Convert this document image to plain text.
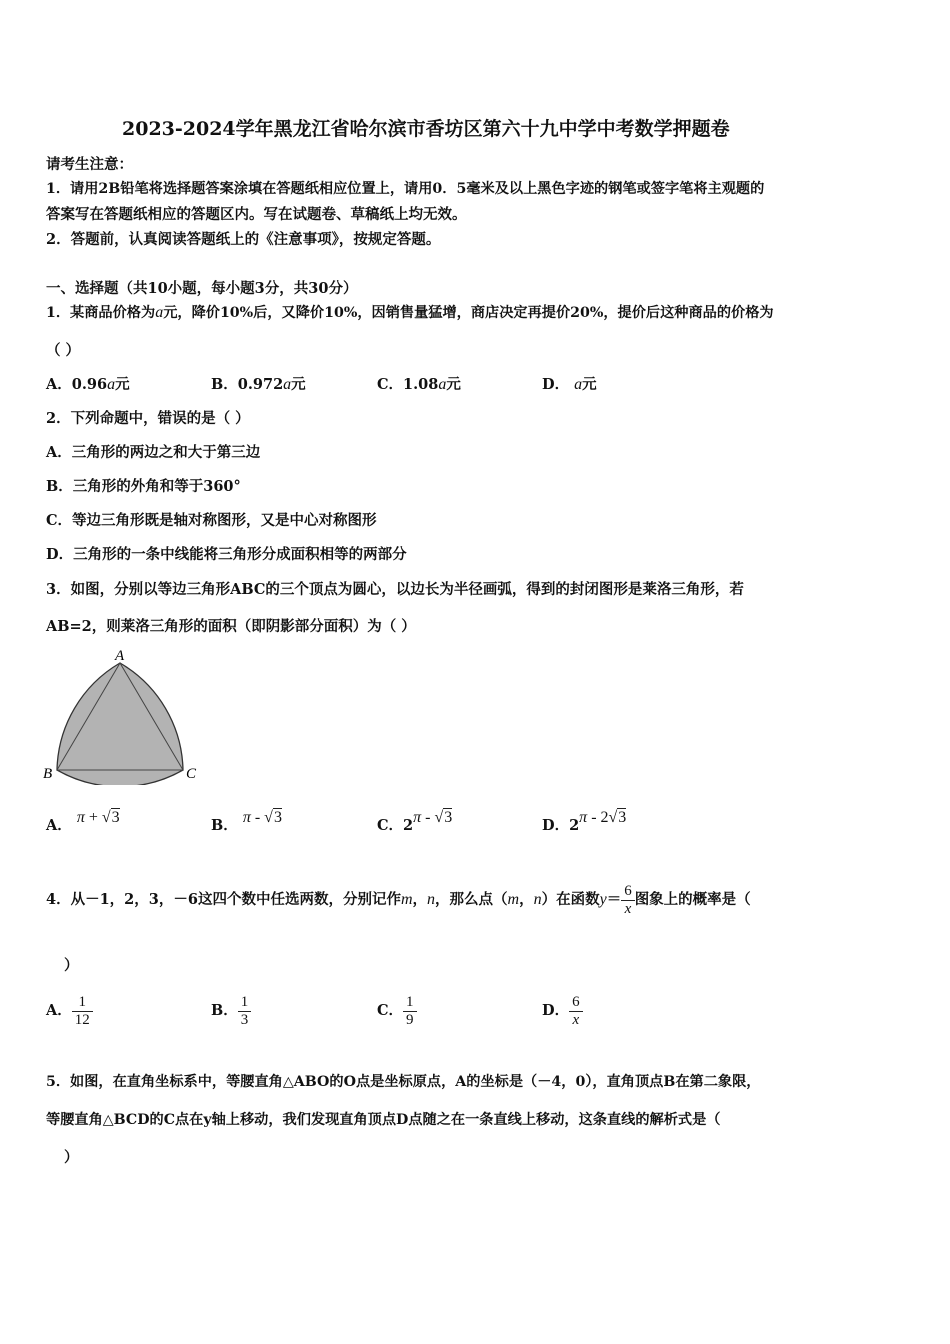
2023-2024学年黑龙江省哈尔滨市香坊区第六十九中学中考数学押题卷
请考生注意：
1．请用2B铅笔将选择题答案涂填在答题纸相应位置上，请用0．5毫米及以上黑色字迹的钢笔或签字笔将主观题的
答案写在答题纸相应的答题区内。写在试题卷、草稿纸上均无效。
2．答题前，认真阅读答题纸上的《注意事项》，按规定答题。
一、选择题（共10小题，每小题3分，共30分）
1．某商品价格为a元，降价10%后，又降价10%，因销售量猛增，商店决定再提价20%，提价后这种商品的价格为
（ ）
A．0.96a元	B．0.972a元	C．1.08a元	D． a元
2．下列命题中，错误的是（ ）
A．三角形的两边之和大于第三边
B．三角形的外角和等于360°
C．等边三角形既是轴对称图形，又是中心对称图形
D．三角形的一条中线能将三角形分成面积相等的两部分
3．如图，分别以等边三角形ABC的三个顶点为圆心，以边长为半径画弧，得到的封闭图形是莱洛三角形，若
AB=2，则莱洛三角形的面积（即阴影部分面积）为（ ）
A
B	C
A． π + √3	B． π - √3	C．2π - √3	D．2π - 2√3
4．从－1，2，3，－6这四个数中任选两数，分别记作m，n，那么点（m，n）在函数$y= \frac{6}{x}$ 图象上的概率是（
）
A． $\frac{1}{12}$	B． $\frac{1}{3}$	C． $\frac{1}{9}$	D． $\frac{6}{x}$
5．如图，在直角坐标系中，等腰直角△ABO的O点是坐标原点，A的坐标是（－4，0），直角顶点B在第二象限，
等腰直角△BCD的C点在y轴上移动，我们发现直角顶点D点随之在一条直线上移动，这条直线的解析式是（
）
